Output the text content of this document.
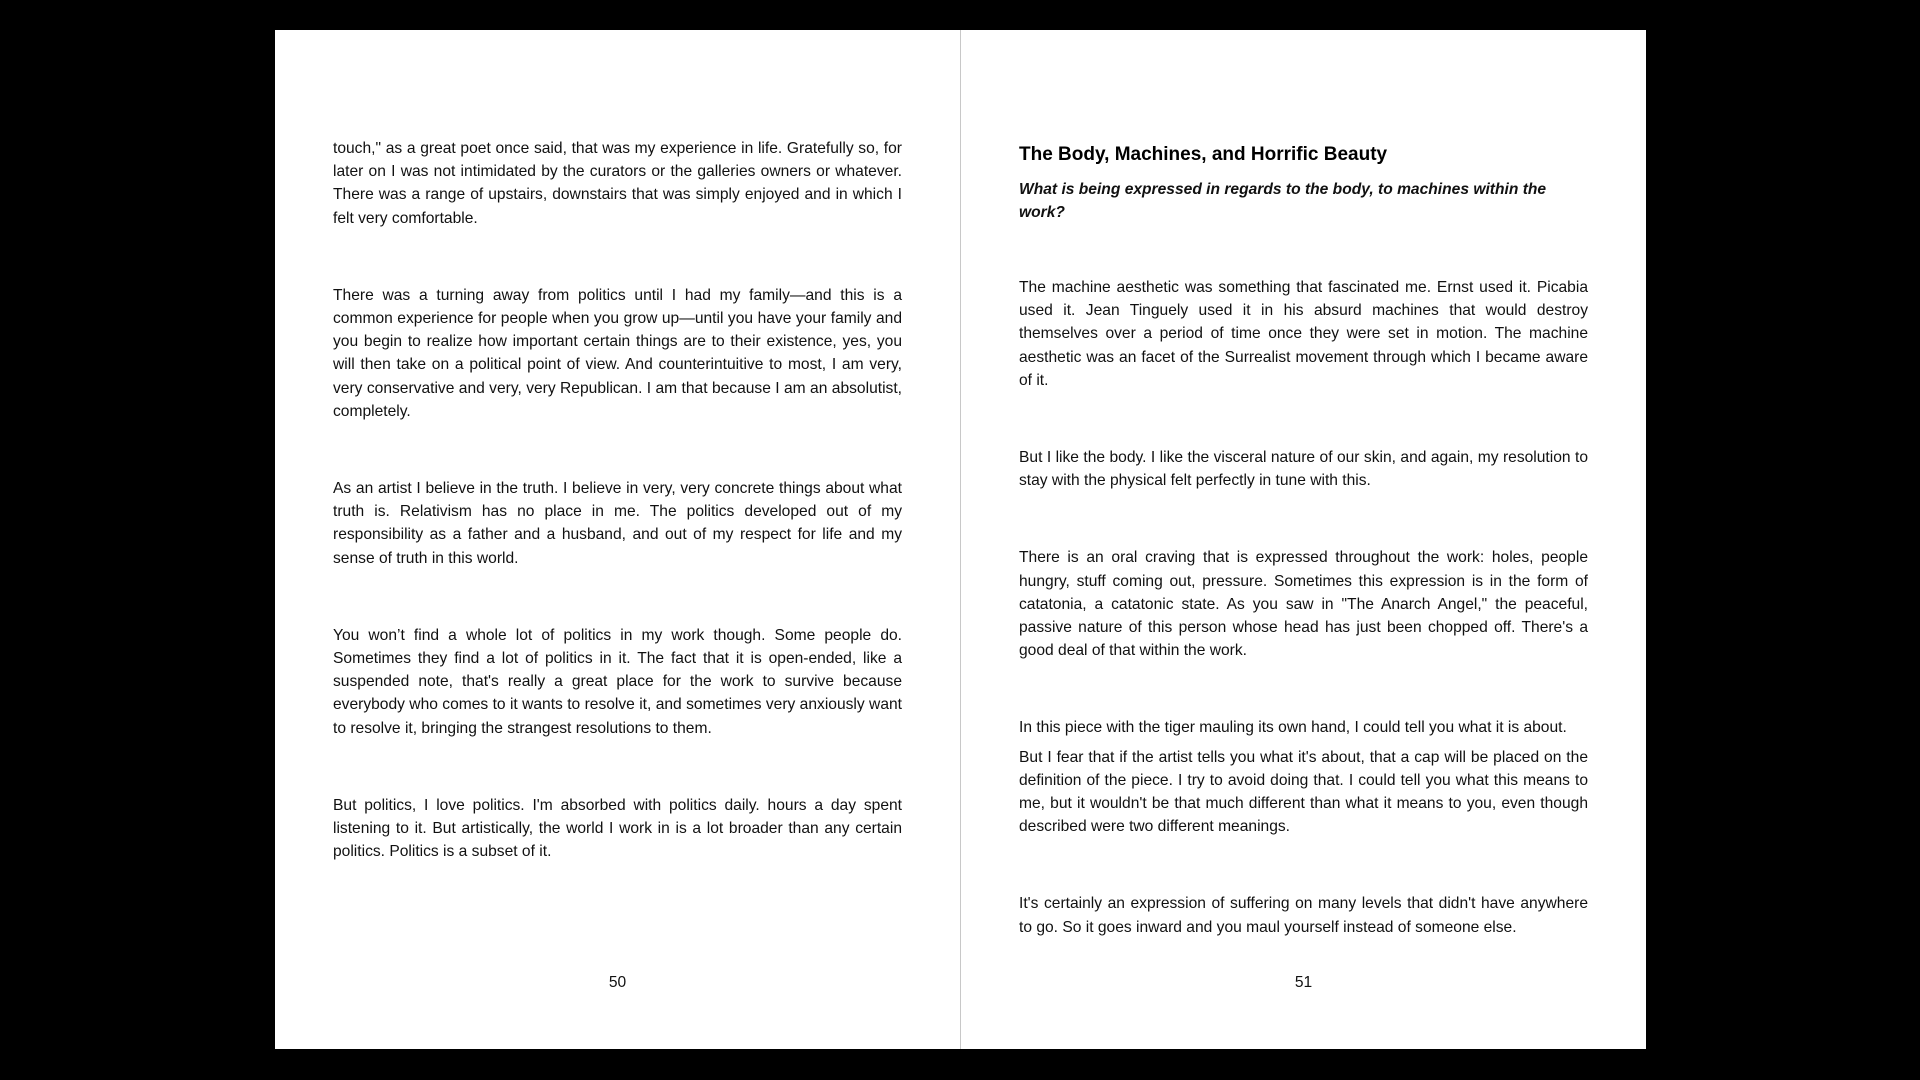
touch," as a great poet once said, that was my experience in life. Gratefully so, for later on I was not intimidated by the curators or the galleries owners or whatever. There was a range of upstairs, downstairs that was simply enjoyed and in which I felt very comfortable.

There was a turning away from politics until I had my family—and this is a common experience for people when you grow up—until you have your family and you begin to realize how important certain things are to their existence, yes, you will then take on a political point of view. And counterintuitive to most, I am very, very conservative and very, very Republican. I am that because I am an absolutist, completely.

As an artist I believe in the truth. I believe in very, very concrete things about what truth is. Relativism has no place in me. The politics developed out of my responsibility as a father and a husband, and out of my respect for life and my sense of truth in this world.

You won’t find a whole lot of politics in my work though. Some people do. Sometimes they find a lot of politics in it. The fact that it is open-ended, like a suspended note, that's really a great place for the work to survive because everybody who comes to it wants to resolve it, and sometimes very anxiously want to resolve it, bringing the strangest resolutions to them.

But politics, I love politics. I'm absorbed with politics daily. hours a day spent listening to it. But artistically, the world I work in is a lot broader than any certain politics. Politics is a subset of it.

50
The Body, Machines, and Horrific Beauty

What is being expressed in regards to the body, to machines within the work?

The machine aesthetic was something that fascinated me. Ernst used it. Picabia used it. Jean Tinguely used it in his absurd machines that would destroy themselves over a period of time once they were set in motion. The machine aesthetic was an facet of the Surrealist movement through which I became aware of it.

But I like the body. I like the visceral nature of our skin, and again, my resolution to stay with the physical felt perfectly in tune with this.

There is an oral craving that is expressed throughout the work: holes, people hungry, stuff coming out, pressure. Sometimes this expression is in the form of catatonia, a catatonic state. As you saw in "The Anarch Angel," the peaceful, passive nature of this person whose head has just been chopped off. There's a good deal of that within the work.

In this piece with the tiger mauling its own hand, I could tell you what it is about.

But I fear that if the artist tells you what it's about, that a cap will be placed on the definition of the piece. I try to avoid doing that. I could tell you what this means to me, but it wouldn't be that much different than what it means to you, even though described were two different meanings.

It's certainly an expression of suffering on many levels that didn't have anywhere to go. So it goes inward and you maul yourself instead of someone else.

51
